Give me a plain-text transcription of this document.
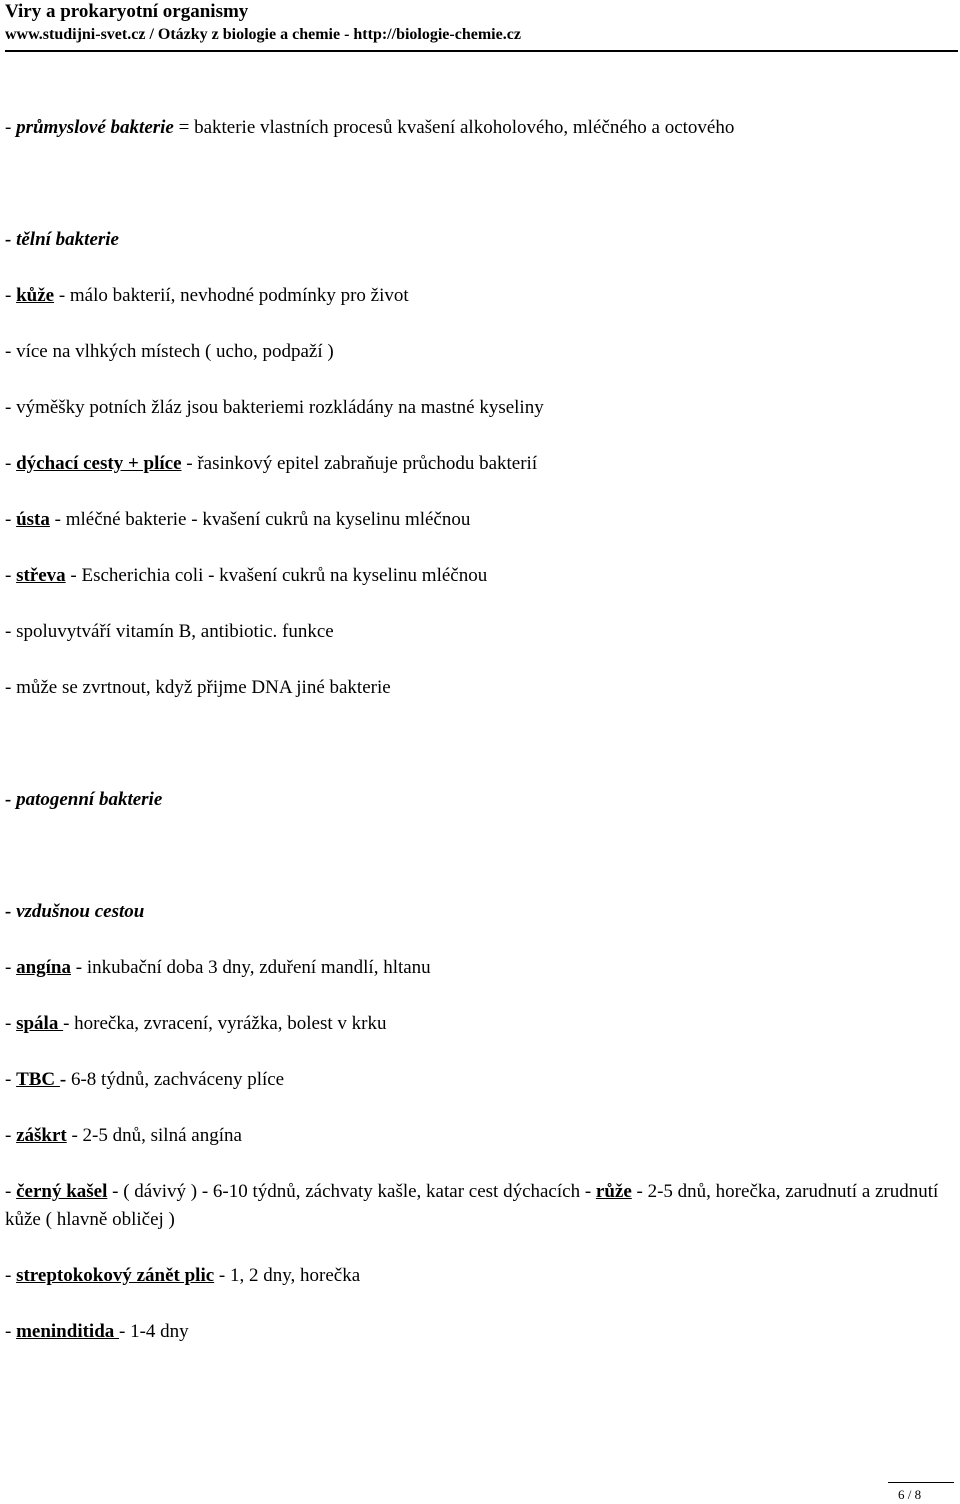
Viry a prokaryotní organismy
www.studijni-svet.cz / Otázky z biologie a chemie - http://biologie-chemie.cz
- průmyslové bakterie = bakterie vlastních procesů kvašení alkoholového, mléčného a octového
- tělní bakterie
- kůže - málo bakterií, nevhodné podmínky pro život
- více na vlhkých místech ( ucho, podpaží )
- výměšky potních žláz jsou bakteriemi rozkládány na mastné kyseliny
- dýchací cesty + plíce - řasinkový epitel zabraňuje průchodu bakterií
- ústa - mléčné bakterie - kvašení cukrů na kyselinu mléčnou
- střeva - Escherichia coli - kvašení cukrů na kyselinu mléčnou
- spoluvytváří vitamín B, antibiotic. funkce
- může se zvrtnout, když přijme DNA jiné bakterie
- patogenní bakterie
- vzdušnou cestou
- angína - inkubační doba 3 dny, zduření mandlí, hltanu
- spála - horečka, zvracení, vyrážka, bolest v krku
- TBC - 6-8 týdnů, zachváceny plíce
- záškrt - 2-5 dnů, silná angína
- černý kašel - ( dávivý ) - 6-10 týdnů, záchvaty kašle, katar cest dýchacích - růže - 2-5 dnů, horečka, zarudnutí a zrudnutí kůže ( hlavně obličej )
- streptokokový zánět plic - 1, 2 dny, horečka
- meninditida - 1-4 dny
6 / 8
